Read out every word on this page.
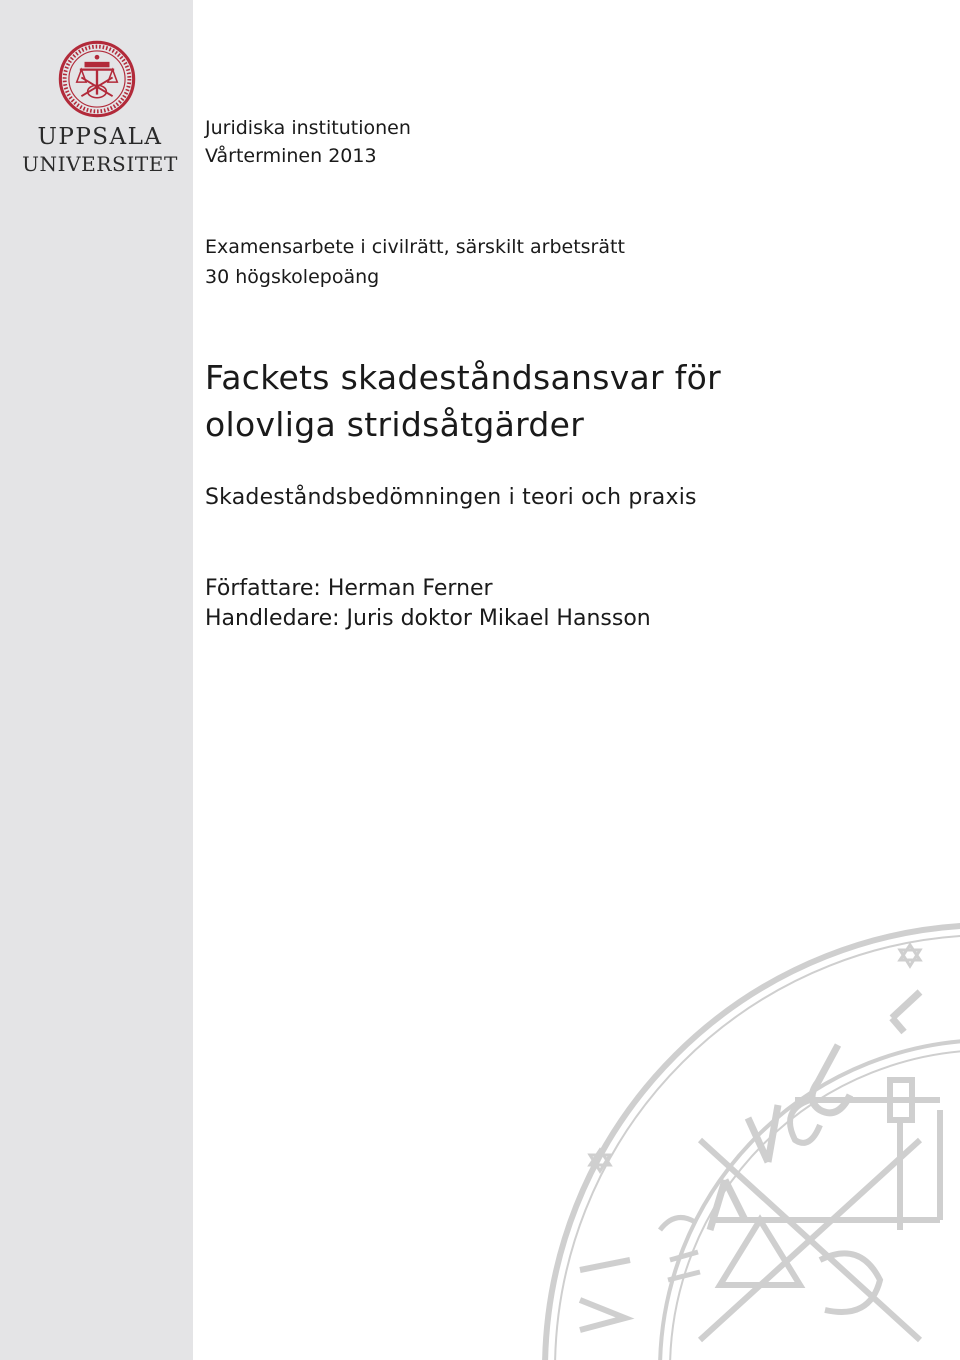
UPPSALA
UNIVERSITET
Juridiska institutionen
Vårterminen 2013
Examensarbete i civilrätt, särskilt arbetsrätt
30 högskolepoäng
Fackets skadeståndsansvar för
olovliga stridsåtgärder
Skadeståndsbedömningen i teori och praxis
Författare: Herman Ferner
Handledare: Juris doktor Mikael Hansson
